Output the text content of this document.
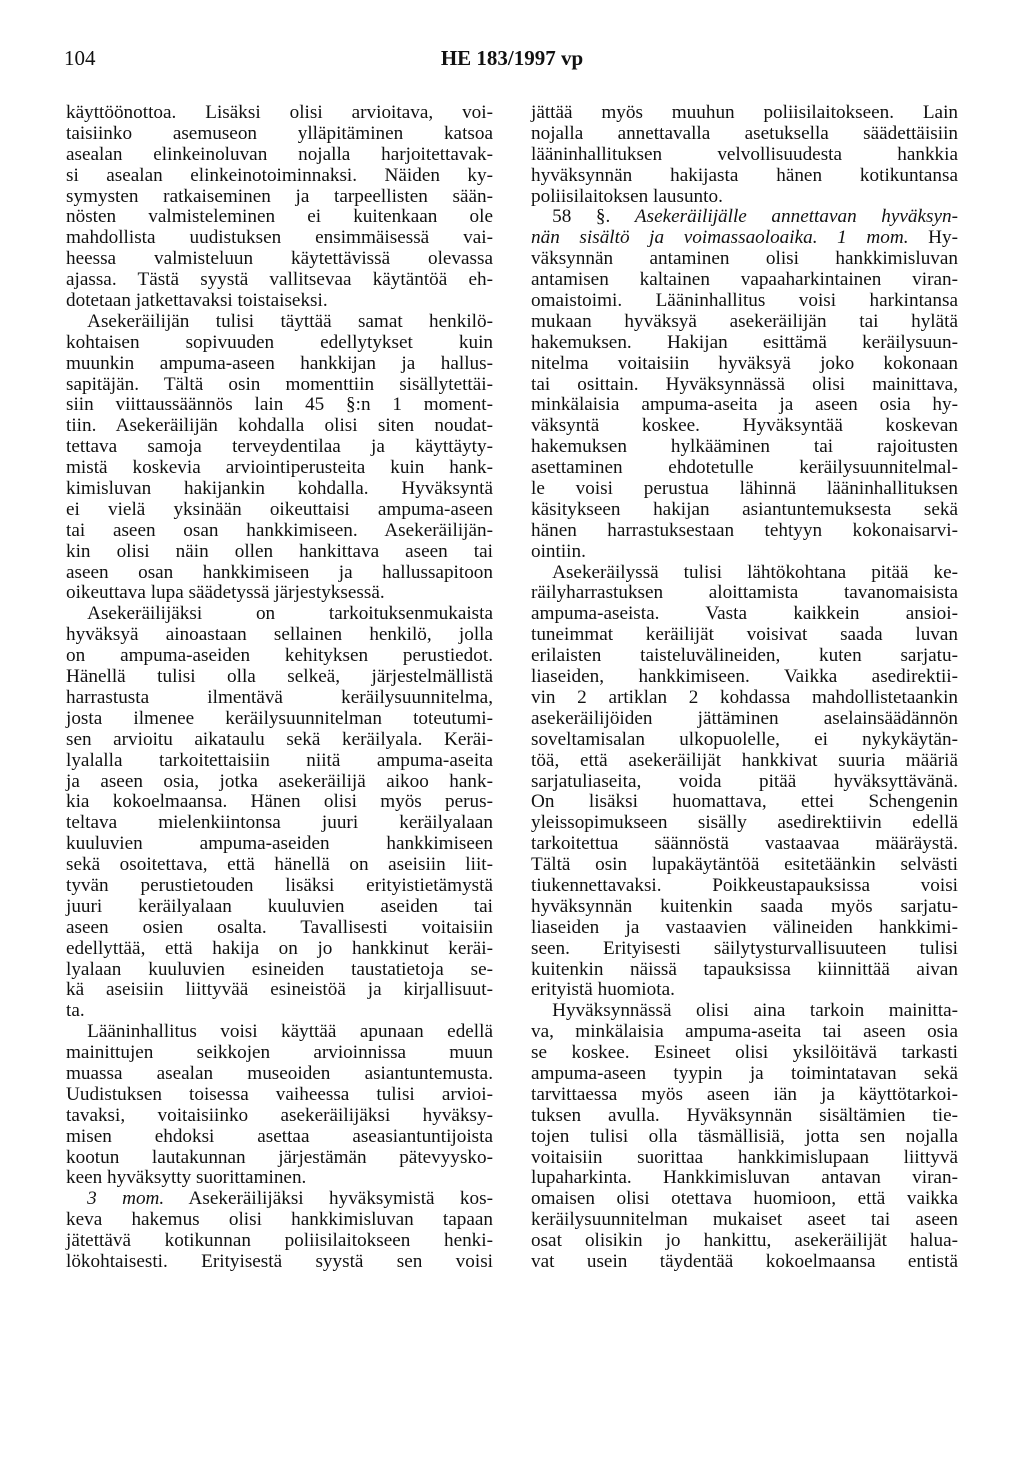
104	HE 183/1997 vp
käyttöönottoa. Lisäksi olisi arvioitava, voi-
taisiinko asemuseon ylläpitäminen katsoa
asealan elinkeinoluvan nojalla harjoitettavak-
si asealan elinkeinotoiminnaksi. Näiden ky-
symysten ratkaiseminen ja tarpeellisten sään-
nösten valmisteleminen ei kuitenkaan ole
mahdollista uudistuksen ensimmäisessä vai-
heessa valmisteluun käytettävissä olevassa
ajassa. Tästä syystä vallitsevaa käytäntöä eh-
dotetaan jatkettavaksi toistaiseksi.
Asekeräilijän tulisi täyttää samat henkilö-
kohtaisen sopivuuden edellytykset kuin
muunkin ampuma-aseen hankkijan ja hallus-
sapitäjän. Tältä osin momenttiin sisällytettäi-
siin viittaussäännös lain 45 §:n 1 moment-
tiin. Asekeräilijän kohdalla olisi siten noudat-
tettava samoja terveydentilaa ja käyttäyty-
mistä koskevia arviointiperusteita kuin hank-
kimisluvan hakijankin kohdalla. Hyväksyntä
ei vielä yksinään oikeuttaisi ampuma-aseen
tai aseen osan hankkimiseen. Asekeräilijän-
kin olisi näin ollen hankittava aseen tai
aseen osan hankkimiseen ja hallussapitoon
oikeuttava lupa säädetyssä järjestyksessä.
Asekeräilijäksi on tarkoituksenmukaista
hyväksyä ainoastaan sellainen henkilö, jolla
on ampuma-aseiden kehityksen perustiedot.
Hänellä tulisi olla selkeä, järjestelmällistä
harrastusta ilmentävä keräilysuunnitelma,
josta ilmenee keräilysuunnitelman toteutumi-
sen arvioitu aikataulu sekä keräilyala. Keräi-
lyalalla tarkoitettaisiin niitä ampuma-aseita
ja aseen osia, jotka asekeräilijä aikoo hank-
kia kokoelmaansa. Hänen olisi myös perus-
teltava mielenkiintonsa juuri keräilyalaan
kuuluvien ampuma-aseiden hankkimiseen
sekä osoitettava, että hänellä on aseisiin liit-
tyvän perustietouden lisäksi erityistietämystä
juuri keräilyalaan kuuluvien aseiden tai
aseen osien osalta. Tavallisesti voitaisiin
edellyttää, että hakija on jo hankkinut keräi-
lyalaan kuuluvien esineiden taustatietoja se-
kä aseisiin liittyvää esineistöä ja kirjallisuut-
ta.
Lääninhallitus voisi käyttää apunaan edellä
mainittujen seikkojen arvioinnissa muun
muassa asealan museoiden asiantuntemusta.
Uudistuksen toisessa vaiheessa tulisi arvioi-
tavaksi, voitaisiinko asekeräilijäksi hyväksy-
misen ehdoksi asettaa aseasiantuntijoista
kootun lautakunnan järjestämän pätevyysko-
keen hyväksytty suorittaminen.
3 mom. Asekeräilijäksi hyväksymistä kos-
keva hakemus olisi hankkimisluvan tapaan
jätettävä kotikunnan poliisilaitokseen henki-
lökohtaisesti. Erityisestä syystä sen voisi
jättää myös muuhun poliisilaitokseen. Lain
nojalla annettavalla asetuksella säädettäisiin
lääninhallituksen velvollisuudesta hankkia
hyväksynnän hakijasta hänen kotikuntansa
poliisilaitoksen lausunto.
58 §. Asekeräilijälle annettavan hyväksyn-
nän sisältö ja voimassaoloaika. 1 mom. Hy-
väksynnän antaminen olisi hankkimisluvan
antamisen kaltainen vapaaharkintainen viran-
omaistoimi. Lääninhallitus voisi harkintansa
mukaan hyväksyä asekeräilijän tai hylätä
hakemuksen. Hakijan esittämä keräilysuun-
nitelma voitaisiin hyväksyä joko kokonaan
tai osittain. Hyväksynnässä olisi mainittava,
minkälaisia ampuma-aseita ja aseen osia hy-
väksyntä koskee. Hyväksyntää koskevan
hakemuksen hylkääminen tai rajoitusten
asettaminen ehdotetulle keräilysuunnitelmal-
le voisi perustua lähinnä lääninhallituksen
käsitykseen hakijan asiantuntemuksesta sekä
hänen harrastuksestaan tehtyyn kokonaisarvi-
ointiin.
Asekeräilyssä tulisi lähtökohtana pitää ke-
räilyharrastuksen aloittamista tavanomaisista
ampuma-aseista. Vasta kaikkein ansioi-
tuneimmat keräilijät voisivat saada luvan
erilaisten taisteluvälineiden, kuten sarjatu-
liaseiden, hankkimiseen. Vaikka asedirektii-
vin 2 artiklan 2 kohdassa mahdollistetaankin
asekeräilijöiden jättäminen aselainsäädännön
soveltamisalan ulkopuolelle, ei nykykäytän-
töä, että asekeräilijät hankkivat suuria määriä
sarjatuliaseita, voida pitää hyväksyttävänä.
On lisäksi huomattava, ettei Schengenin
yleissopimukseen sisälly asedirektiivin edellä
tarkoitettua säännöstä vastaavaa määräystä.
Tältä osin lupakäytäntöä esitetäänkin selvästi
tiukennettavaksi. Poikkeustapauksissa voisi
hyväksynnän kuitenkin saada myös sarjatu-
liaseiden ja vastaavien välineiden hankkimi-
seen. Erityisesti säilytysturvallisuuteen tulisi
kuitenkin näissä tapauksissa kiinnittää aivan
erityistä huomiota.
Hyväksynnässä olisi aina tarkoin mainitta-
va, minkälaisia ampuma-aseita tai aseen osia
se koskee. Esineet olisi yksilöitävä tarkasti
ampuma-aseen tyypin ja toimintatavan sekä
tarvittaessa myös aseen iän ja käyttötarkoi-
tuksen avulla. Hyväksynnän sisältämien tie-
tojen tulisi olla täsmällisiä, jotta sen nojalla
voitaisiin suorittaa hankkimislupaan liittyvä
lupaharkinta. Hankkimisluvan antavan viran-
omaisen olisi otettava huomioon, että vaikka
keräilysuunnitelman mukaiset aseet tai aseen
osat olisikin jo hankittu, asekeräilijät halua-
vat usein täydentää kokoelmaansa entistä
